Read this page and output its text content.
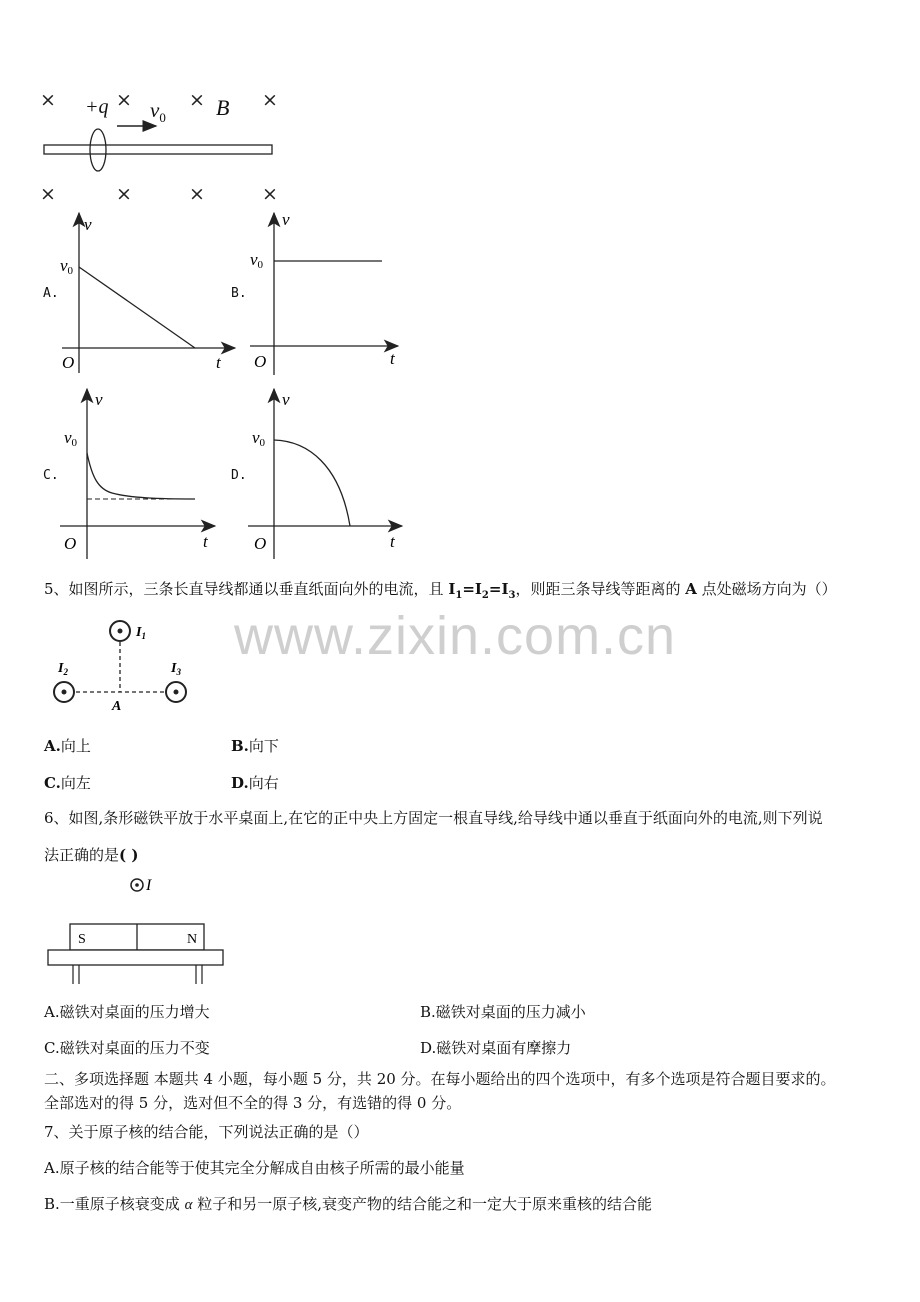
www.zixin.com.cn
×	×	×	×
+q $v_0$ B
×	×	×	×
A.
v
v0
O	t
B.
v
v0
O	t
C.
v
v0
O	t
D.
v
v0
O	t
5、如图所示，三条长直导线都通以垂直纸面向外的电流，且 $I_1=I_2=I_3$，则距三条导线等距离的 A 点处磁场方向为（）
$I_1$
$I_2$	$I_3$
A
A.向上	B.向下
C.向左	D.向右
6、如图,条形磁铁平放于水平桌面上,在它的正中央上方固定一根直导线,给导线中通以垂直于纸面向外的电流,则下列说
法正确的是( )
I
S	N
A.磁铁对桌面的压力增大	B.磁铁对桌面的压力减小
C.磁铁对桌面的压力不变	D.磁铁对桌面有摩擦力
二、多项选择题 本题共 4 小题，每小题 5 分，共 20 分。在每小题给出的四个选项中，有多个选项是符合题目要求的。
全部选对的得 5 分，选对但不全的得 3 分，有选错的得 0 分。
7、关于原子核的结合能，下列说法正确的是（）
A.原子核的结合能等于使其完全分解成自由核子所需的最小能量
B.一重原子核衰变成 α 粒子和另一原子核,衰变产物的结合能之和一定大于原来重核的结合能
